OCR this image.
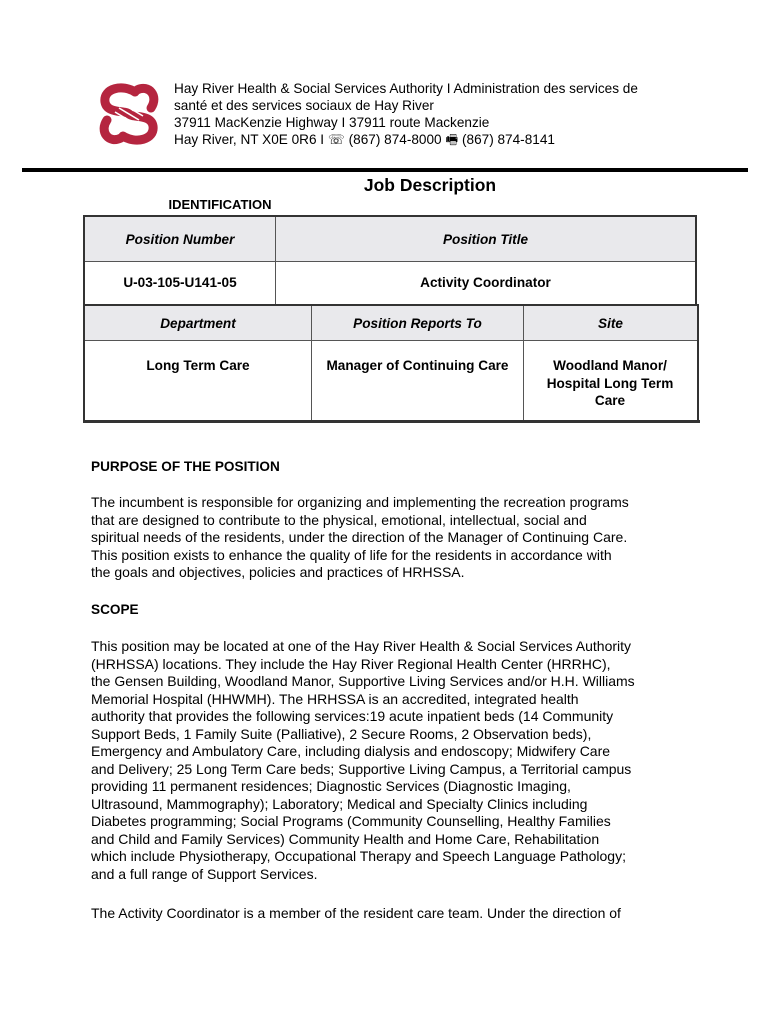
Hay River Health & Social Services Authority I Administration des services de
santé et des services sociaux de Hay River
37911 MacKenzie Highway I 37911 route Mackenzie
Hay River, NT X0E 0R6 I ☏ (867) 874-8000 🖷 (867) 874-8141
Job Description
IDENTIFICATION
Position Number	Position Title
U-03-105-U141-05	Activity Coordinator
Department	Position Reports To	Site
Long Term Care	Manager of Continuing Care	Woodland Manor/ Hospital Long Term Care
PURPOSE OF THE POSITION
The incumbent is responsible for organizing and implementing the recreation programs
that are designed to contribute to the physical, emotional, intellectual, social and
spiritual needs of the residents, under the direction of the Manager of Continuing Care.
This position exists to enhance the quality of life for the residents in accordance with
the goals and objectives, policies and practices of HRHSSA.
SCOPE
This position may be located at one of the Hay River Health & Social Services Authority
(HRHSSA) locations. They include the Hay River Regional Health Center (HRRHC),
the Gensen Building, Woodland Manor, Supportive Living Services and/or H.H. Williams
Memorial Hospital (HHWMH). The HRHSSA is an accredited, integrated health
authority that provides the following services:19 acute inpatient beds (14 Community
Support Beds, 1 Family Suite (Palliative), 2 Secure Rooms, 2 Observation beds),
Emergency and Ambulatory Care, including dialysis and endoscopy; Midwifery Care
and Delivery; 25 Long Term Care beds; Supportive Living Campus, a Territorial campus
providing 11 permanent residences; Diagnostic Services (Diagnostic Imaging,
Ultrasound, Mammography); Laboratory; Medical and Specialty Clinics including
Diabetes programming; Social Programs (Community Counselling, Healthy Families
and Child and Family Services) Community Health and Home Care, Rehabilitation
which include Physiotherapy, Occupational Therapy and Speech Language Pathology;
and a full range of Support Services.
The Activity Coordinator is a member of the resident care team. Under the direction of
